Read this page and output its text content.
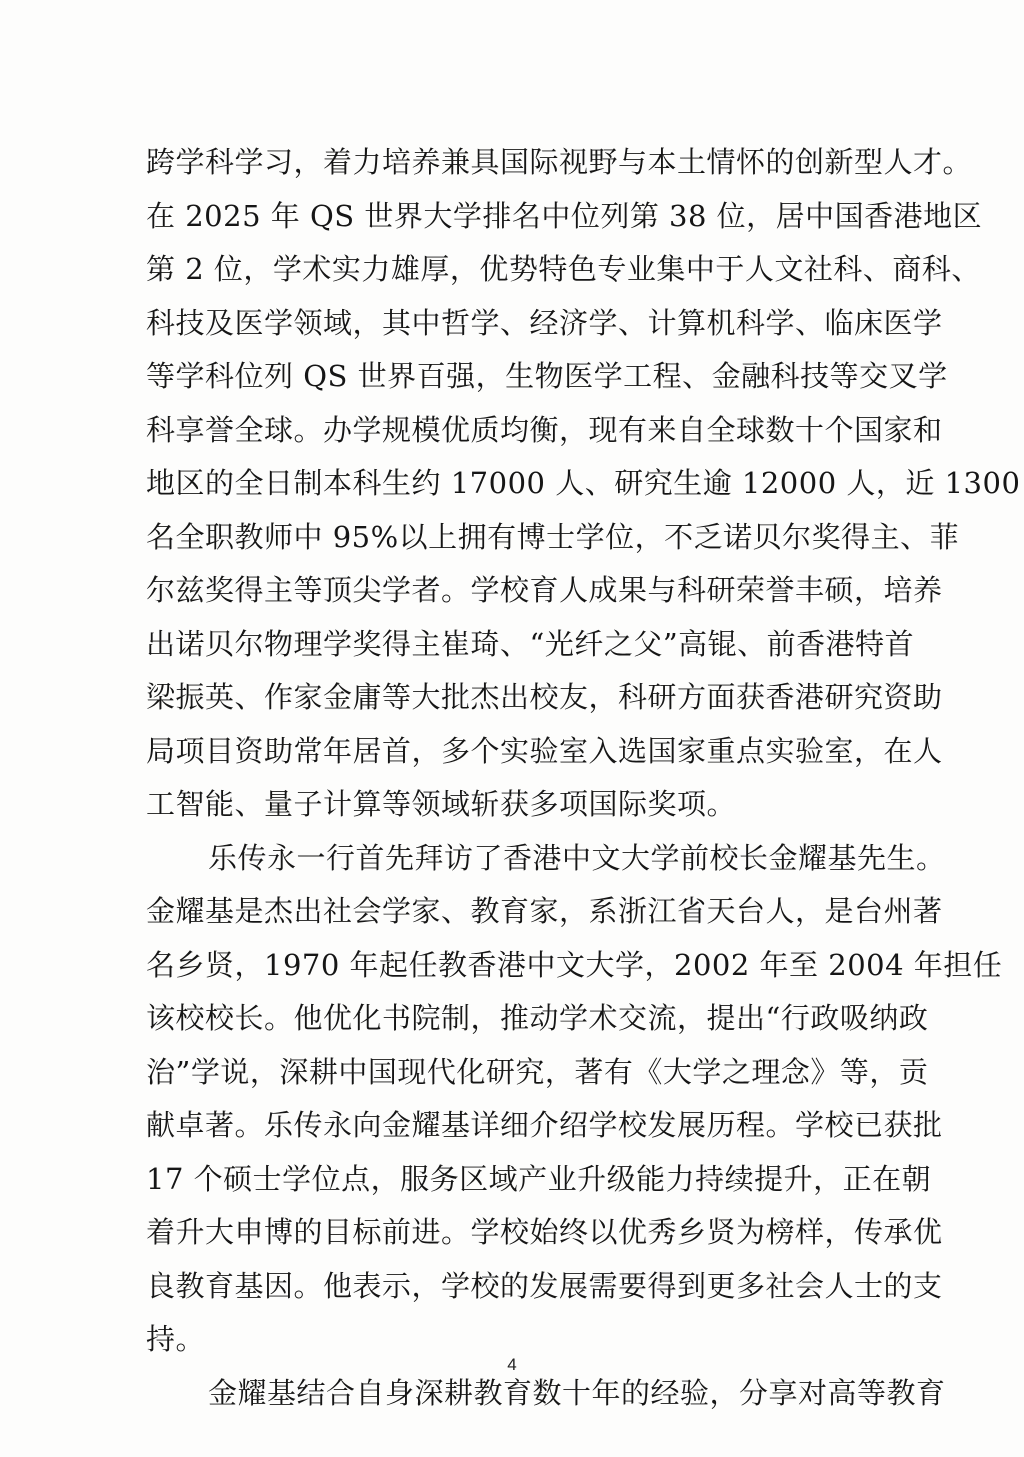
跨学科学习，着力培养兼具国际视野与本土情怀的创新型人才。
在 2025 年 QS 世界大学排名中位列第 38 位，居中国香港地区
第 2 位，学术实力雄厚，优势特色专业集中于人文社科、商科、
科技及医学领域，其中哲学、经济学、计算机科学、临床医学
等学科位列 QS 世界百强，生物医学工程、金融科技等交叉学
科享誉全球。办学规模优质均衡，现有来自全球数十个国家和
地区的全日制本科生约 17000 人、研究生逾 12000 人，近 1300
名全职教师中 95%以上拥有博士学位，不乏诺贝尔奖得主、菲
尔兹奖得主等顶尖学者。学校育人成果与科研荣誉丰硕，培养
出诺贝尔物理学奖得主崔琦、“光纤之父”高锟、前香港特首
梁振英、作家金庸等大批杰出校友，科研方面获香港研究资助
局项目资助常年居首，多个实验室入选国家重点实验室，在人
工智能、量子计算等领域斩获多项国际奖项。
乐传永一行首先拜访了香港中文大学前校长金耀基先生。
金耀基是杰出社会学家、教育家，系浙江省天台人，是台州著
名乡贤，1970 年起任教香港中文大学，2002 年至 2004 年担任
该校校长。他优化书院制，推动学术交流，提出“行政吸纳政
治”学说，深耕中国现代化研究，著有《大学之理念》等，贡
献卓著。乐传永向金耀基详细介绍学校发展历程。学校已获批
17 个硕士学位点，服务区域产业升级能力持续提升，正在朝
着升大申博的目标前进。学校始终以优秀乡贤为榜样，传承优
良教育基因。他表示，学校的发展需要得到更多社会人士的支
持。
金耀基结合自身深耕教育数十年的经验，分享对高等教育
4
